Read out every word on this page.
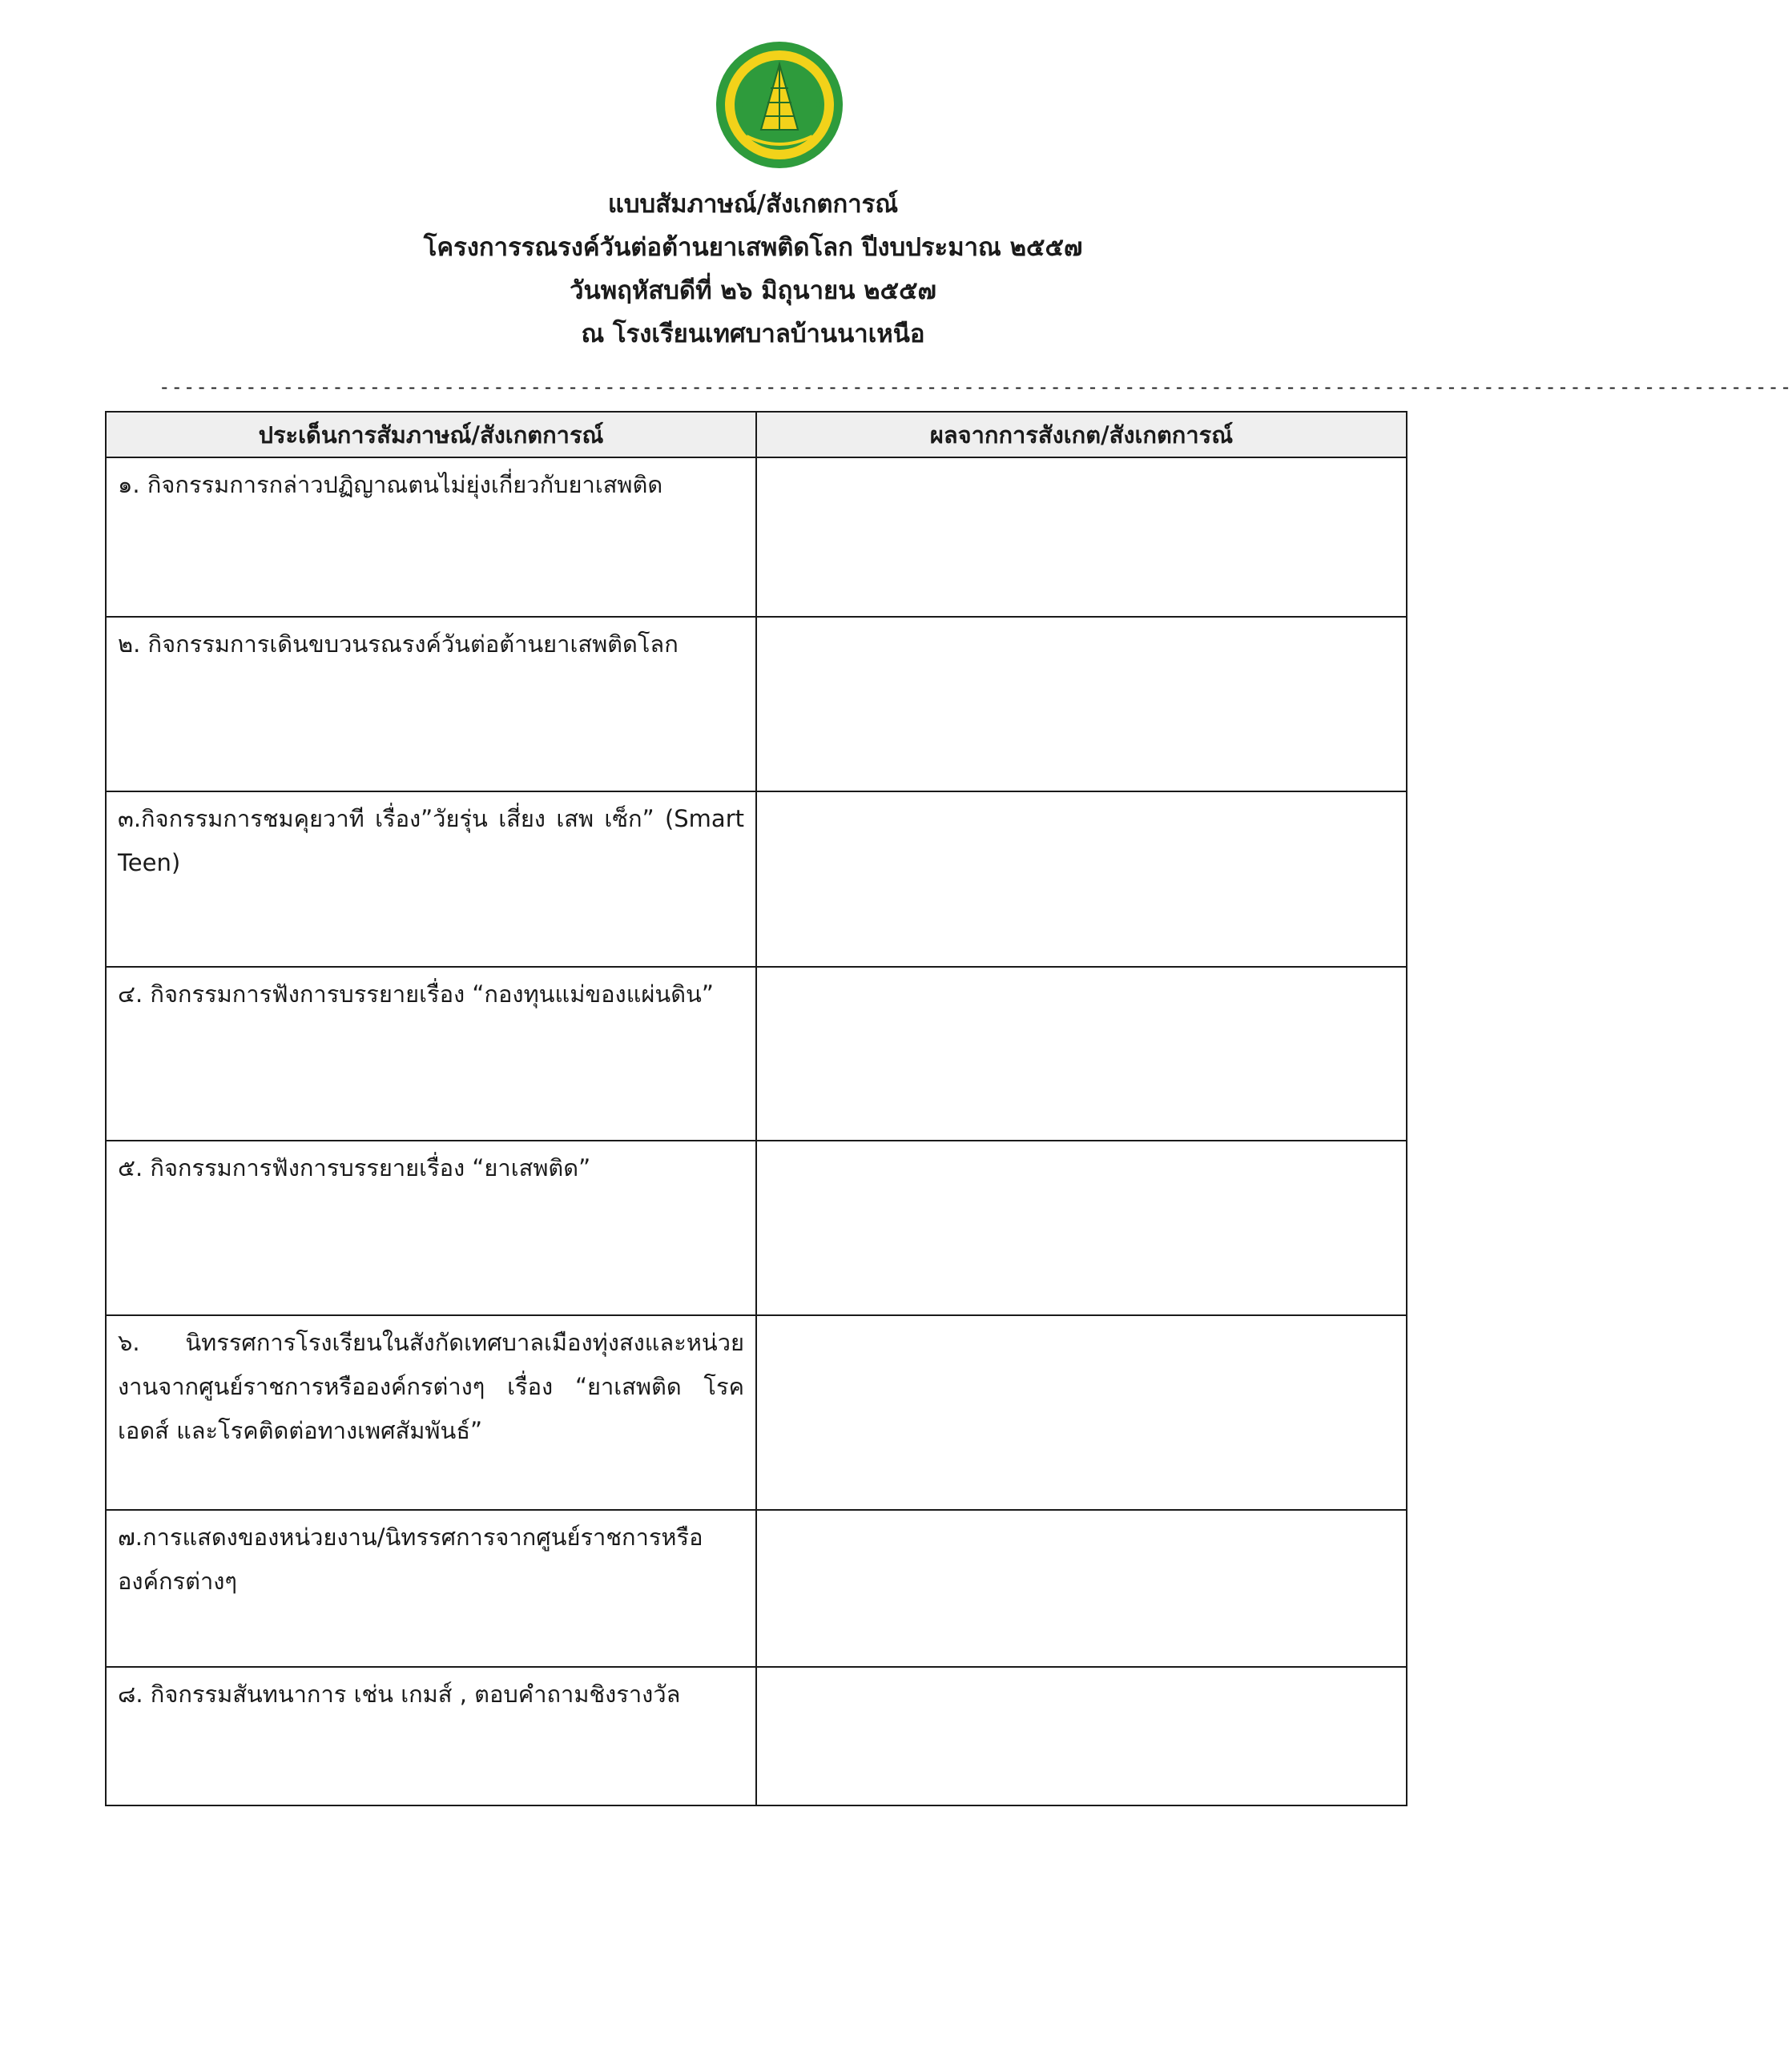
แบบสัมภาษณ์/สังเกตการณ์
โครงการรณรงค์วันต่อต้านยาเสพติดโลก ปีงบประมาณ ๒๕๕๗
วันพฤหัสบดีที่ ๒๖ มิถุนายน ๒๕๕๗
ณ โรงเรียนเทศบาลบ้านนาเหนือ
------------------------------------------------------------------------------------------------------------------------------------
ประเด็นการสัมภาษณ์/สังเกตการณ์	ผลจากการสังเกต/สังเกตการณ์
๑. กิจกรรมการกล่าวปฏิญาณตนไม่ยุ่งเกี่ยวกับยาเสพติด	
๒. กิจกรรมการเดินขบวนรณรงค์วันต่อต้านยาเสพติดโลก	
๓.กิจกรรมการชมคุยวาที เรื่อง”วัยรุ่น เสี่ยง เสพ เซ็ก” (Smart Teen)	
๔. กิจกรรมการฟังการบรรยายเรื่อง “กองทุนแม่ของแผ่นดิน”	
๕. กิจกรรมการฟังการบรรยายเรื่อง “ยาเสพติด”	
๖. นิทรรศการโรงเรียนในสังกัดเทศบาลเมืองทุ่งสงและหน่วยงานจากศูนย์ราชการหรือองค์กรต่างๆ เรื่อง “ยาเสพติด โรคเอดส์ และโรคติดต่อทางเพศสัมพันธ์”	
๗.การแสดงของหน่วยงาน/นิทรรศการจากศูนย์ราชการหรือองค์กรต่างๆ	
๘. กิจกรรมสันทนาการ เช่น เกมส์ , ตอบคำถามชิงรางวัล	
